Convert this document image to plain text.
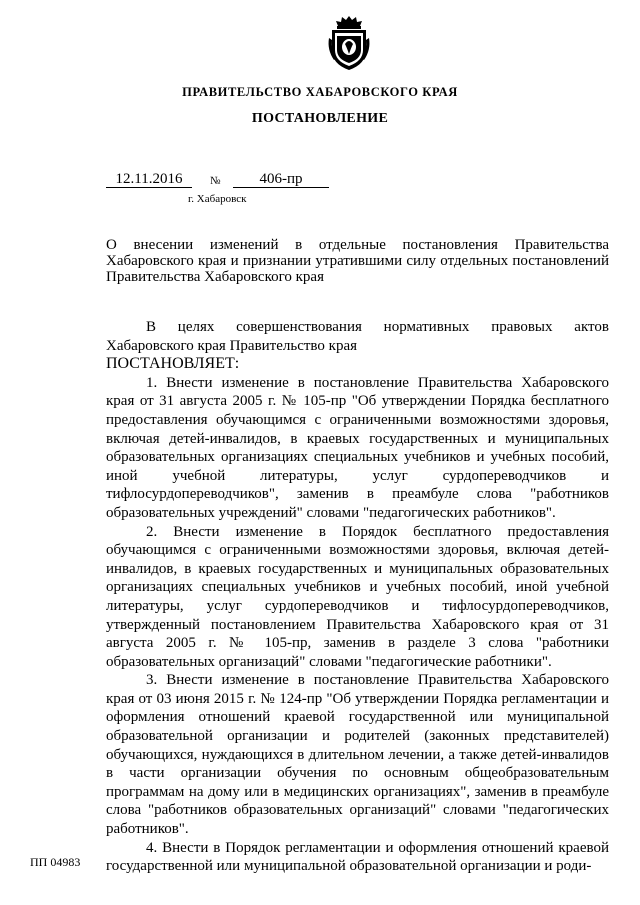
ПРАВИТЕЛЬСТВО ХАБАРОВСКОГО КРАЯ
ПОСТАНОВЛЕНИЕ
12.11.2016	№	406-пр
г. Хабаровск
О внесении изменений в отдельные постановления Правительства Хабаровского края и признании утратившими силу отдельных постановлений Правительства Хабаровского края

В целях совершенствования нормативных правовых актов Хабаровского края Правительство края

ПОСТАНОВЛЯЕТ:

1. Внести изменение в постановление Правительства Хабаровского края от 31 августа 2005 г. № 105-пр "Об утверждении Порядка бесплатного предоставления обучающимся с ограниченными возможностями здоровья, включая детей-инвалидов, в краевых государственных и муниципальных образовательных организациях специальных учебников и учебных пособий, иной учебной литературы, услуг сурдопереводчиков и тифлосурдопереводчиков", заменив в преамбуле слова "работников образовательных учреждений" словами "педагогических работников".

2. Внести изменение в Порядок бесплатного предоставления обучающимся с ограниченными возможностями здоровья, включая детей-инвалидов, в краевых государственных и муниципальных образовательных организациях специальных учебников и учебных пособий, иной учебной литературы, услуг сурдопереводчиков и тифлосурдопереводчиков, утвержденный постановлением Правительства Хабаровского края от 31 августа 2005 г. № 105-пр, заменив в разделе 3 слова "работники образовательных организаций" словами "педагогические работники".

3. Внести изменение в постановление Правительства Хабаровского края от 03 июня 2015 г. № 124-пр "Об утверждении Порядка регламентации и оформления отношений краевой государственной или муниципальной образовательной организации и родителей (законных представителей) обучающихся, нуждающихся в длительном лечении, а также детей-инвалидов в части организации обучения по основным общеобразовательным программам на дому или в медицинских организациях", заменив в преамбуле слова "работников образовательных организаций" словами "педагогических работников".

4. Внести в Порядок регламентации и оформления отношений краевой государственной или муниципальной образовательной организации и роди-

ПП 04983
